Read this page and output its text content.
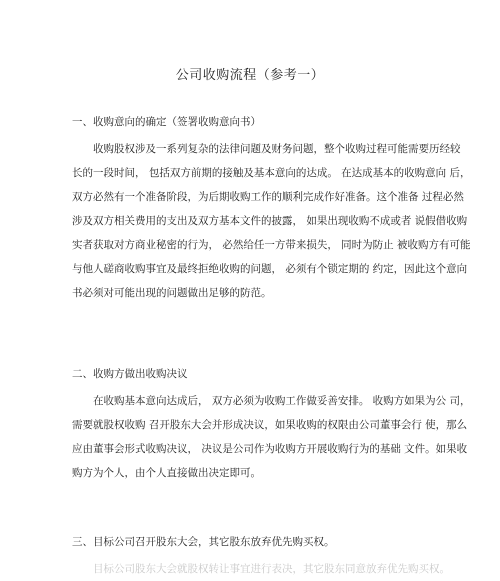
公司收购流程（参考一）
一、收购意向的确定（签署收购意向书）

收购股权涉及一系列复杂的法律问题及财务问题，整个收购过程可能需要历经较
长的一段时间， 包括双方前期的接触及基本意向的达成。 在达成基本的收购意向 后，
双方必然有一个准备阶段，为后期收购工作的顺利完成作好准备。这个准备 过程必然
涉及双方相关费用的支出及双方基本文件的披露， 如果出现收购不成或者 说假借收购
实者获取对方商业秘密的行为， 必然给任一方带来损失， 同时为防止 被收购方有可能
与他人磋商收购事宜及最终拒绝收购的问题， 必须有个锁定期的 约定，因此这个意向
书必须对可能出现的问题做出足够的防范。

二、收购方做出收购决议

在收购基本意向达成后， 双方必须为收购工作做妥善安排。 收购方如果为公 司，
需要就股权收购 召开股东大会并形成决议，如果收购的权限由公司董事会行 使，那么
应由董事会形式收购决议， 决议是公司作为收购方开展收购行为的基础 文件。如果收
购方为个人，由个人直接做出决定即可。

三、目标公司召开股东大会，其它股东放弃优先购买权。

目标公司股东大会就股权转让事宜进行表决，其它股东同意放弃优先购买权。
